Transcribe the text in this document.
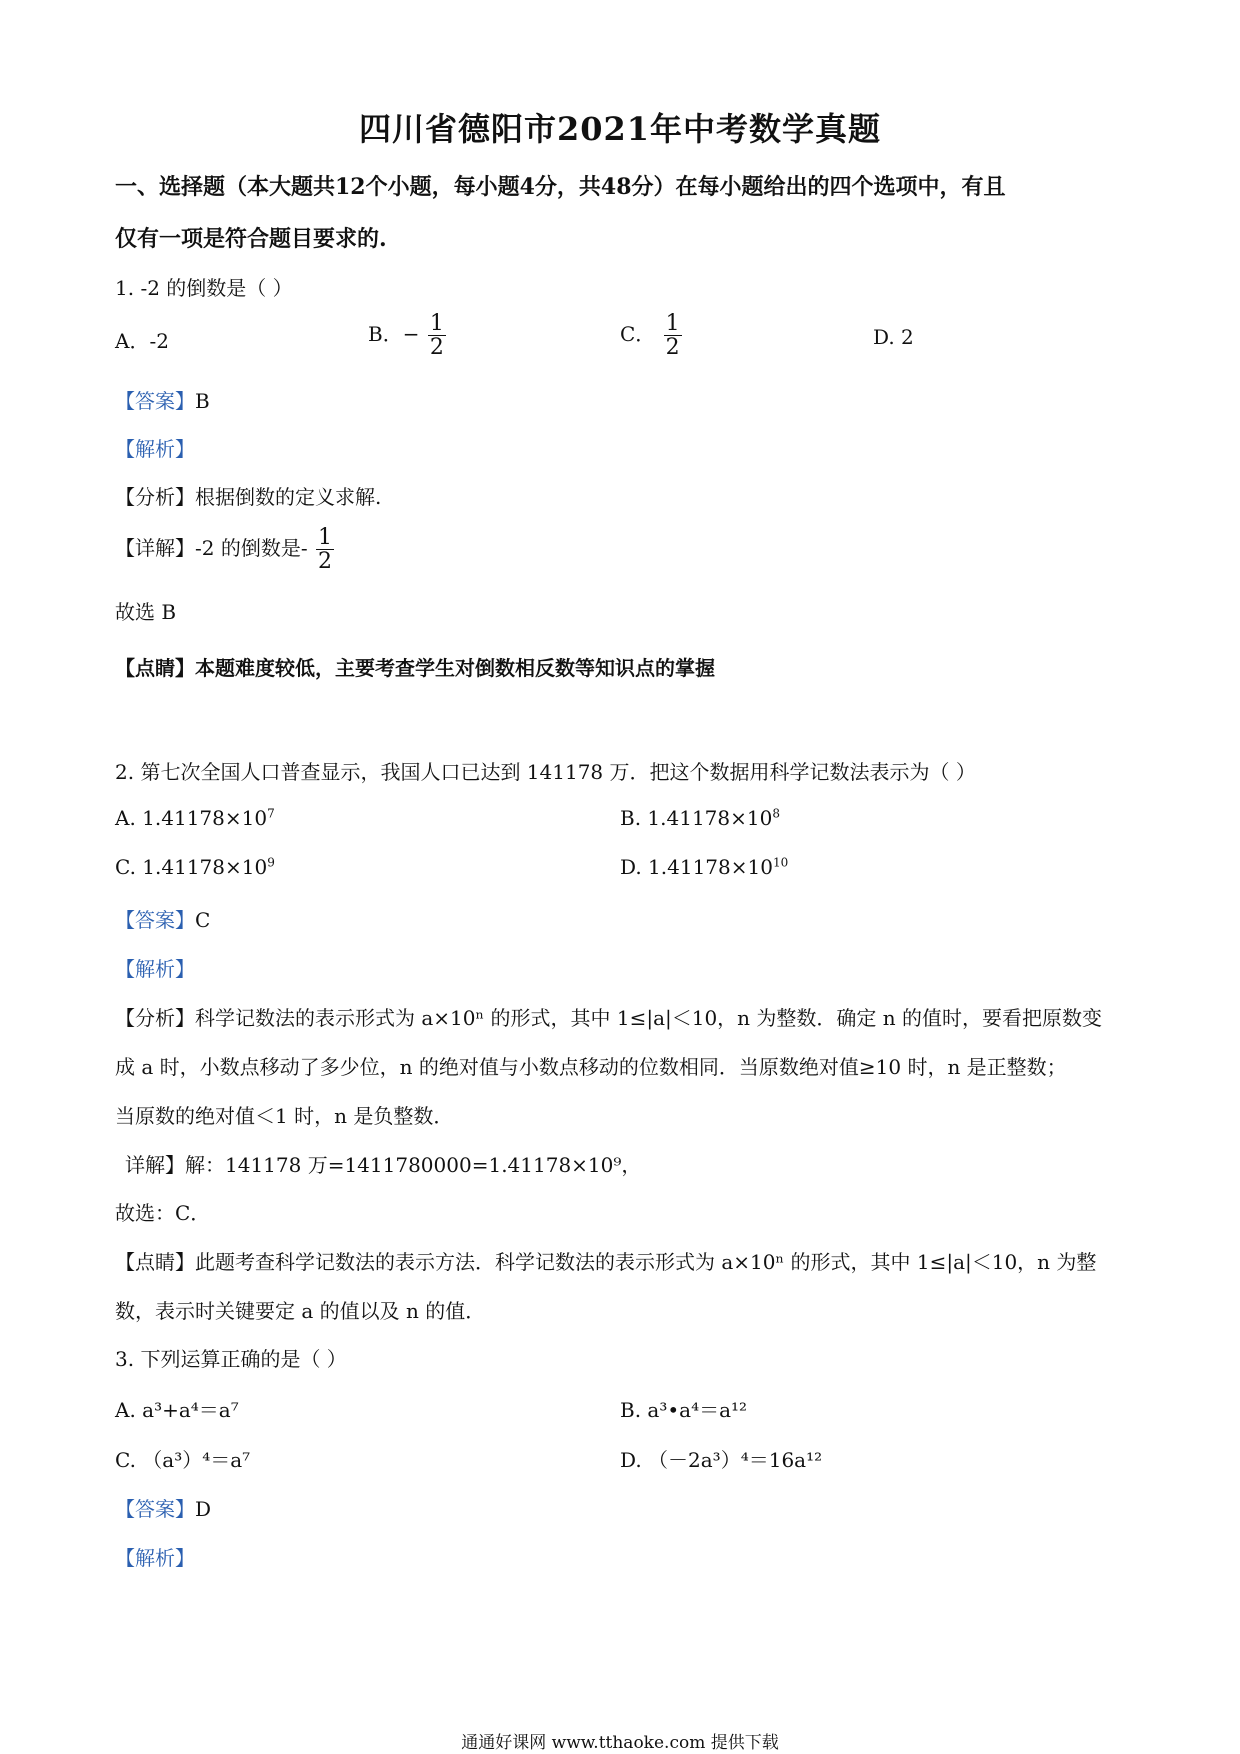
四川省德阳市2021年中考数学真题
一、选择题（本大题共12个小题，每小题4分，共48分）在每小题给出的四个选项中，有且
仅有一项是符合题目要求的.
1. -2 的倒数是（ ）
A．-2	B．− $\frac{1}{2}$	C． $\frac{1}{2}$	D. 2
【答案】B
【解析】
【分析】根据倒数的定义求解.
【详解】-2 的倒数是- $\frac{1}{2}$
故选 B
【点睛】本题难度较低，主要考查学生对倒数相反数等知识点的掌握
2. 第七次全国人口普查显示，我国人口已达到 141178 万．把这个数据用科学记数法表示为（ ）
A. $1.41178\times 10^7$	B. $1.41178\times 10^8$
C. $1.41178\times 10^9$	D. $1.41178\times 10^{10}$
【答案】C
【解析】
【分析】科学记数法的表示形式为 a×10ⁿ 的形式，其中 1≤|a|＜10，n 为整数．确定 n 的值时，要看把原数变
成 a 时，小数点移动了多少位，n 的绝对值与小数点移动的位数相同．当原数绝对值≥10 时，n 是正整数；
当原数的绝对值＜1 时，n 是负整数．
详解】解：141178 万=1411780000=1.41178×10⁹，
故选：C．
【点睛】此题考查科学记数法的表示方法．科学记数法的表示形式为 a×10ⁿ 的形式，其中 1≤|a|＜10，n 为整
数，表示时关键要定 a 的值以及 n 的值．
3. 下列运算正确的是（ ）
A. a³+a⁴＝a⁷	B. a³•a⁴＝a¹²
C. （a³）⁴＝a⁷	D. （－2a³）⁴＝16a¹²
【答案】D
【解析】
通通好课网 www.tthaoke.com 提供下载
